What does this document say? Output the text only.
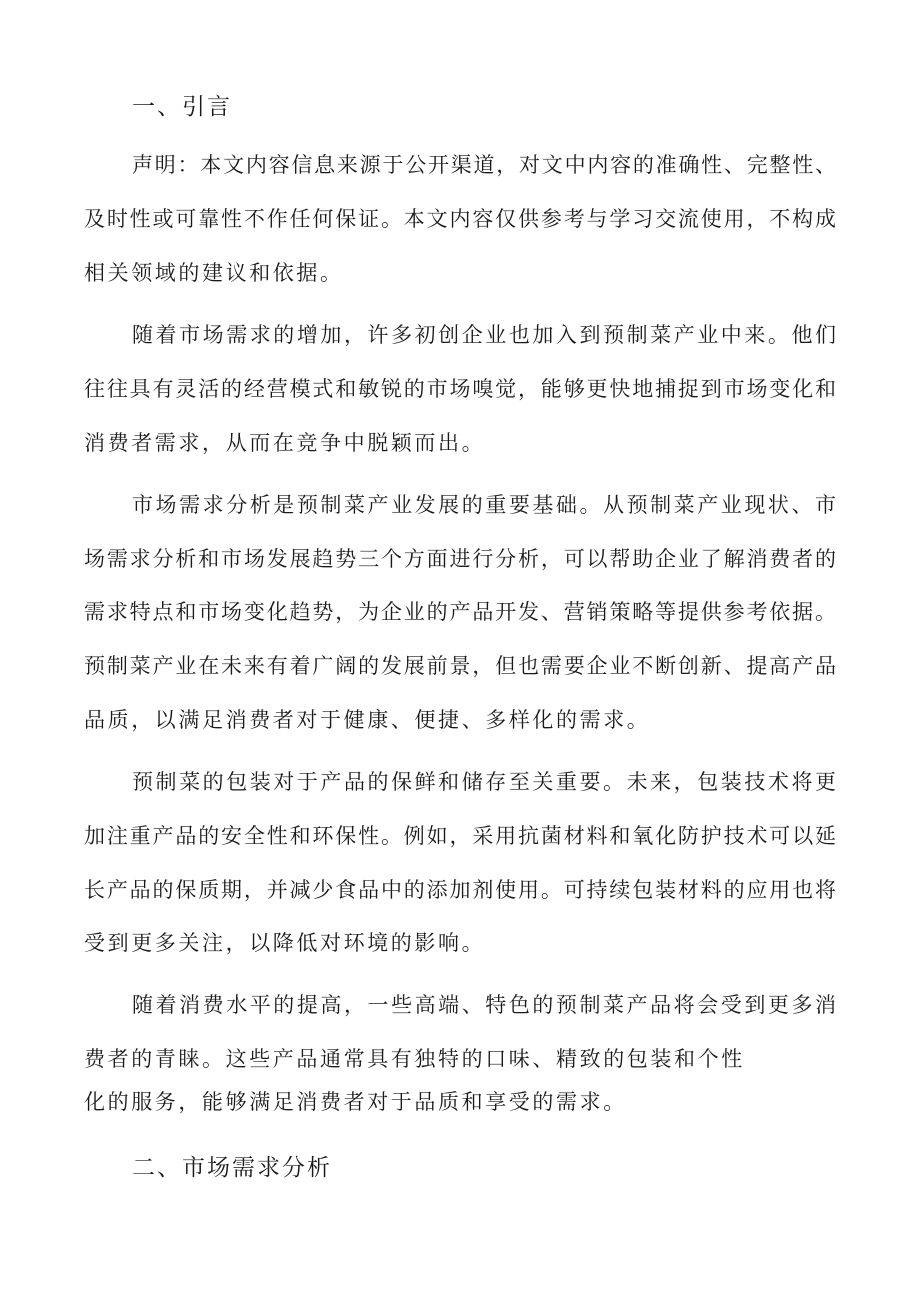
一、引言

声明：本文内容信息来源于公开渠道，对文中内容的准确性、完整性、

及时性或可靠性不作任何保证。本文内容仅供参考与学习交流使用，不构成

相关领域的建议和依据。

随着市场需求的增加，许多初创企业也加入到预制菜产业中来。他们

往往具有灵活的经营模式和敏锐的市场嗅觉，能够更快地捕捉到市场变化和

消费者需求，从而在竞争中脱颖而出。

市场需求分析是预制菜产业发展的重要基础。从预制菜产业现状、市

场需求分析和市场发展趋势三个方面进行分析，可以帮助企业了解消费者的

需求特点和市场变化趋势，为企业的产品开发、营销策略等提供参考依据。

预制菜产业在未来有着广阔的发展前景，但也需要企业不断创新、提高产品

品质，以满足消费者对于健康、便捷、多样化的需求。

预制菜的包装对于产品的保鲜和储存至关重要。未来，包装技术将更

加注重产品的安全性和环保性。例如，采用抗菌材料和氧化防护技术可以延

长产品的保质期，并减少食品中的添加剂使用。可持续包装材料的应用也将

受到更多关注，以降低对环境的影响。

随着消费水平的提高，一些高端、特色的预制菜产品将会受到更多消

费者的青睐。这些产品通常具有独特的口味、精致的包装和个性

化的服务，能够满足消费者对于品质和享受的需求。

二、市场需求分析
